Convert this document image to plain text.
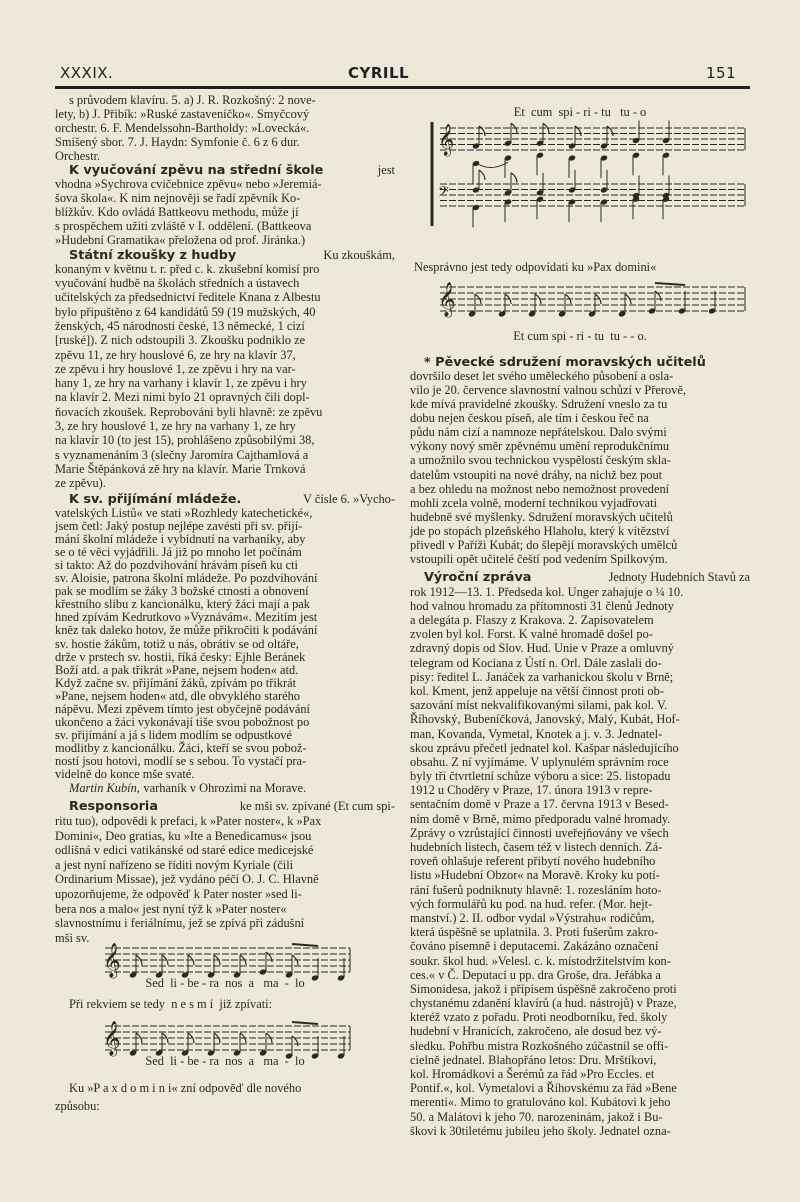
XXXIX.	CYRILL	151
Martin Kubín, varhaník v Ohrozimi na Morave.
𝄞
Sed  li - be - ra  nos  a   ma  -  lo
Při rekviem se tedy  n e s m í  již zpívati:
𝄞
Sed  li - be - ra  nos  a   ma  -  lo
Ku »P a x d o m i n i« zní odpověď dle nového
způsobu:
s průvodem klavíru. 5. a) J. R. Rozkošný: 2 nove-
lety, b) J. Přibík: »Ruské zastaveníčko«. Smyčcový
orchestr. 6. F. Mendelssohn-Bartholdy: »Lovecká«.
Smíšený sbor. 7. J. Haydn: Symfonie č. 6 z 6 dur.
Orchestr.
K vyučování zpěvu na střední škole	jest
vhodna »Sychrova cvičebnice zpěvu« nebo »Jeremiá-
šova škola«. K nim nejnověji se řadí zpěvník Ko-
blížkův. Kdo ovládá Battkeovu methodu, může jí
s prospěchem užiti zvláště v I. oddělení. (Battkeova
»Hudební Gramatika« přeložena od prof. Jiránka.)
Státní zkoušky z hudby	Ku zkouškám,
konaným v květnu t. r. před c. k. zkušební komisí pro
vyučování hudbě na školách středních a ústavech
učitelských za předsednictví ředitele Knana z Albestu
bylo připuštěno z 64 kandidátů 59 (19 mužských, 40
ženských, 45 národnosti české, 13 německé, 1 cizí
[ruské]). Z nich odstoupili 3. Zkoušku podniklo ze
zpěvu 11, ze hry houslové 6, ze hry na klavír 37,
ze zpěvu i hry houslové 1, ze zpěvu i hry na var-
hany 1, ze hry na varhany i klavír 1, ze zpěvu i hry
na klavír 2. Mezi nimi bylo 21 opravných čili dopl-
ňovacích zkoušek. Reprobováni byli hlavně: ze zpěvu
3, ze hry houslové 1, ze hry na varhany 1, ze hry
na klavír 10 (to jest 15), prohlášeno způsobilými 38,
s vyznamenáním 3 (slečny Jaromíra Cajthamlová a
Marie Štěpánková zě hry na klavír. Marie Trnková
ze zpěvu).
K sv. přijímání mládeže.	V čísle 6. »Vycho-
vatelských Listů« ve stati »Rozhledy katechetické«,
jsem četl: Jaký postup nejlépe zavésti při sv. přijí-
mání školní mládeže i vybídnutí na varhaníky, aby
se o té věci vyjádřili. Já již po mnoho let počínám
si takto: Až do pozdvihování hrávám píseň ku cti
sv. Aloisie, patrona školní mládeže. Po pozdvihování
pak se modlím se žáky 3 božské ctnosti a obnovení
křestního slibu z kancionálku, který žáci mají a pak
hned zpívám Kedrutkovo »Vyznávám«. Mezitím jest
kněz tak daleko hotov, že může přikročiti k podávání
sv. hostie žákům, totiž u nás, obrátiv se od oltáře,
drže v prstech sv. hostii, říká česky: Ejhle Beránek
Boží atd. a pak třikrát »Pane, nejsem hoden« atd.
Když začne sv. přijímání žáků, zpívám po třikrát
»Pane, nejsem hoden« atd, dle obvyklého starého
nápěvu. Mezi zpěvem tímto jest obyčejně podávání
ukončeno a žáci vykonávají tiše svou pobožnost po
sv. přijímání a já s lidem modlím se odpustkové
modlitby z kancionálku. Žáci, kteří se svou pobož-
ností jsou hotovi, modlí se s sebou. To vystačí pra-
videlně do konce mše svaté.
Responsoria	ke mši sv. zpívané (Et cum spi-
ritu tuo), odpovědi k prefaci, k »Pater noster«, k »Pax
Domini«, Deo gratias, ku »Ite a Benedicamus« jsou
odlišná v edici vatikánské od staré edice medicejské
a jest nyní nařízeno se říditi novým Kyriale (čili
Ordinarium Missae), jež vydáno péčí O. J. C. Hlavně
upozorňujeme, že odpověď k Pater noster »sed li-
bera nos a malo« jest nyní týž k »Pater noster«
slavnostnímu i feriálnímu, jež se zpívá při zádušní
mši sv.
Et  cum  spi - ri - tu   tu - o
𝄞
𝄢
Nesprávno jest tedy odpovídati ku »Pax domini«
𝄞
Et cum spi - ri - tu  tu - - o.
* Pěvecké sdružení moravských učitelů
dovršilo deset let svého uměleckého působení a osla-
vilo je 20. července slavnostní valnou schůzí v Přerově,
kde mívá pravidelné zkoušky. Sdružení vneslo za tu
dobu nejen českou píseň, ale tím i českou řeč na
půdu nám cizí a namnoze nepřátelskou. Dalo svými
výkony nový směr zpěvnému umění reprodukčnímu
a umožnilo svou technickou vyspělostí českým skla-
datelům vstoupiti na nové dráhy, na nichž bez pout
a bez ohledu na možnost nebo nemožnost provedení
mohli zcela volně, moderní technikou vyjadřovati
hudebně své myšlenky. Sdružení moravských učitelů
jde po stopách plzeňského Hlaholu, který k vítězství
přivedl v Paříži Kubát; do šlepějí moravských umělců
vstoupili opět učitelé čeští pod vedením Spilkovým.
Výroční zpráva	Jednoty Hudebních Stavů za
rok 1912—13. 1. Předseda kol. Unger zahajuje o ¼ 10.
hod valnou hromadu za přítomnosti 31 členů Jednoty
a delegáta p. Flaszy z Krakova. 2. Zapisovatelem
zvolen byl kol. Forst. K valné hromadě došel po-
zdravný dopis od Slov. Hud. Unie v Praze a omluvný
telegram od Kociana z Ústí n. Orl. Dále zaslali do-
pisy: ředitel L. Janáček za varhanickou školu v Brně;
kol. Kment, jenž appeluje na větší činnost proti ob-
sazování míst nekvalifikovanými silami, pak kol. V.
Říhovský, Bubeníčková, Janovský, Malý, Kubát, Hof-
man, Kovanda, Vymetal, Knotek a j. v. 3. Jednatel-
skou zprávu přečetl jednatel kol. Kašpar následujícího
obsahu. Z ní vyjímáme. V uplynulém správním roce
byly tři čtvrtletní schůze výboru a sice: 25. listopadu
1912 u Choděry v Praze, 17. února 1913 v repre-
sentačním domě v Praze a 17. června 1913 v Besed-
ním domě v Brně, mimo předporadu valné hromady.
Zprávy o vzrůstající činnosti uveřejňovány ve všech
hudebních listech, časem též v listech denních. Zá-
roveň ohlašuje referent přibytí nového hudebního
listu »Hudební Obzor« na Moravě. Kroky ku potí-
rání fušerů podniknuty hlavně: 1. rozesláním hoto-
vých formulářů ku pod. na hud. refer. (Mor. hejt-
manství.) 2. II. odbor vydal »Výstrahu« rodičům,
která úspěšně se uplatnila. 3. Proti fušerům zakro-
čováno písemně i deputacemi. Zakázáno označení
soukr. škol hud. »Velesl. c. k. místodržitelstvím kon-
ces.« v Č. Deputací u pp. dra Groše, dra. Jeřábka a
Simonidesa, jakož i přípisem úspěšně zakročeno proti
chystanému zdanění klavírů (a hud. nástrojů) v Praze,
kteréž vzato z pořadu. Proti neodborníku, řed. školy
hudební v Hranicích, zakročeno, ale dosud bez vý-
sledku. Pohřbu mistra Rozkošného zúčastnil se offi-
cielně jednatel. Blahopřáno letos: Dru. Mrštíkovi,
kol. Hromádkovi a Šerémů za řád »Pro Eccles. et
Pontif.«, kol. Vymetalovi a Říhovskému za řád »Bene
merenti«. Mimo to gratulováno kol. Kubátovi k jeho
50. a Malátovi k jeho 70. narozeninám, jakož i Bu-
škovi k 30tiletému jubileu jeho školy. Jednatel ozna-
